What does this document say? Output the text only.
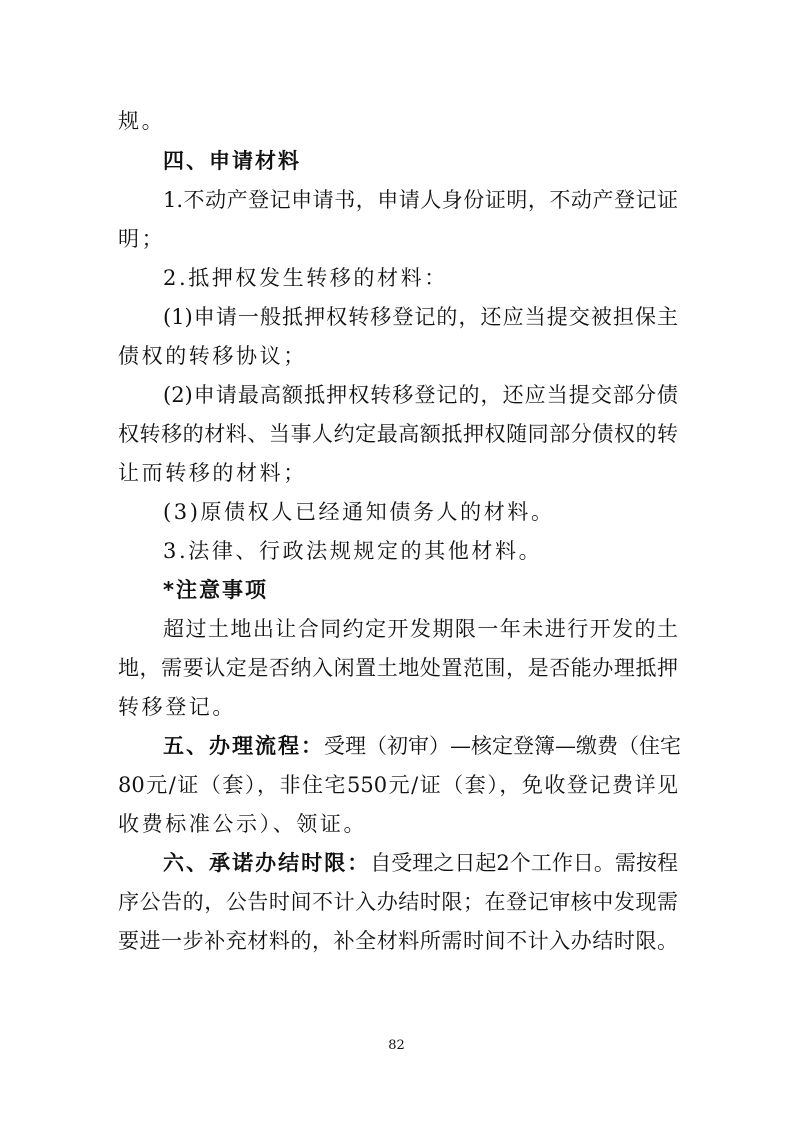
规。
四、申请材料
1.不动产登记申请书，申请人身份证明，不动产登记证
明；
2.抵押权发生转移的材料：
(1)申请一般抵押权转移登记的，还应当提交被担保主
债权的转移协议；
(2)申请最高额抵押权转移登记的，还应当提交部分债
权转移的材料、当事人约定最高额抵押权随同部分债权的转
让而转移的材料；
(3)原债权人已经通知债务人的材料。
3.法律、行政法规规定的其他材料。
*注意事项
超过土地出让合同约定开发期限一年未进行开发的土
地，需要认定是否纳入闲置土地处置范围，是否能办理抵押
转移登记。
五、办理流程：受理（初审）—核定登簿—缴费（住宅
80元/证（套），非住宅550元/证（套），免收登记费详见
收费标准公示）、领证。
六、承诺办结时限：自受理之日起2个工作日。需按程
序公告的，公告时间不计入办结时限；在登记审核中发现需
要进一步补充材料的，补全材料所需时间不计入办结时限。
82
